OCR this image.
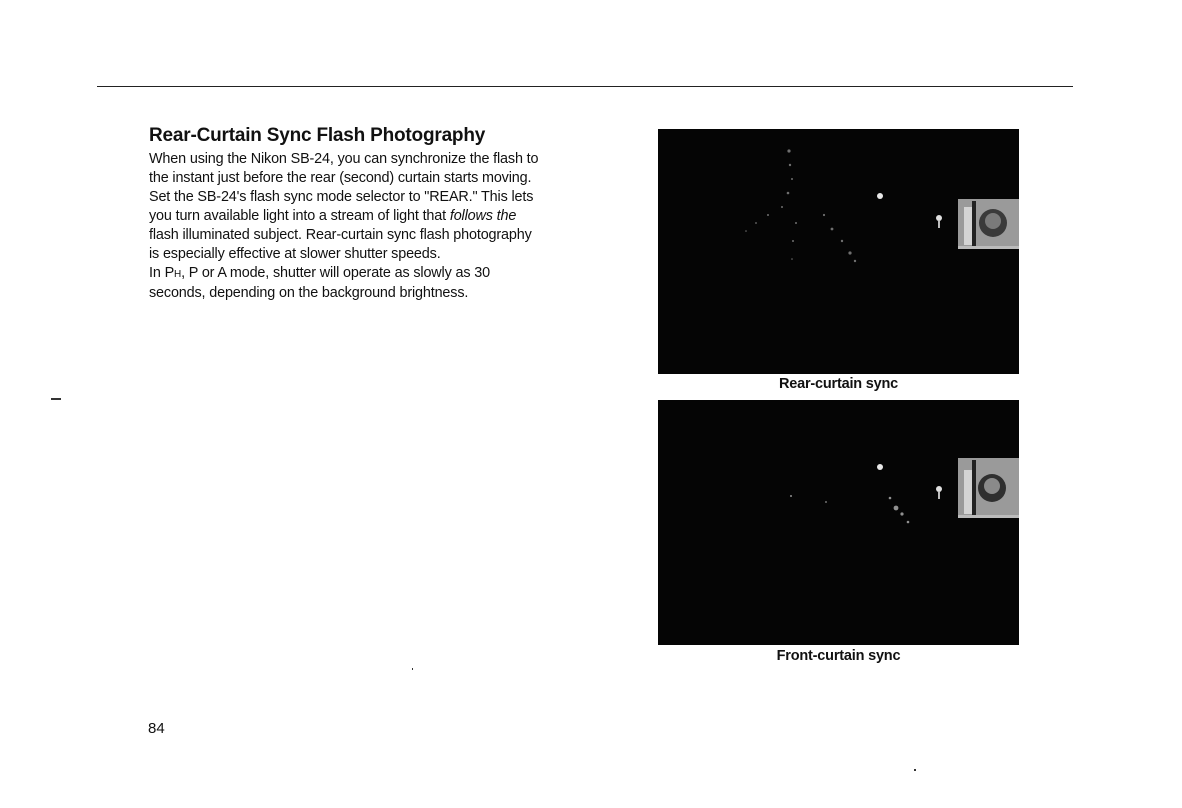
Rear-Curtain Sync Flash Photography
When using the Nikon SB-24, you can synchronize the flash to
the instant just before the rear (second) curtain starts moving.
Set the SB-24's flash sync mode selector to "REAR." This lets
you turn available light into a stream of light that follows the
flash illuminated subject. Rear-curtain sync flash photography
is especially effective at slower shutter speeds.
In PH, P or A mode, shutter will operate as slowly as 30
seconds, depending on the background brightness.
Rear-curtain sync
Front-curtain sync
84
